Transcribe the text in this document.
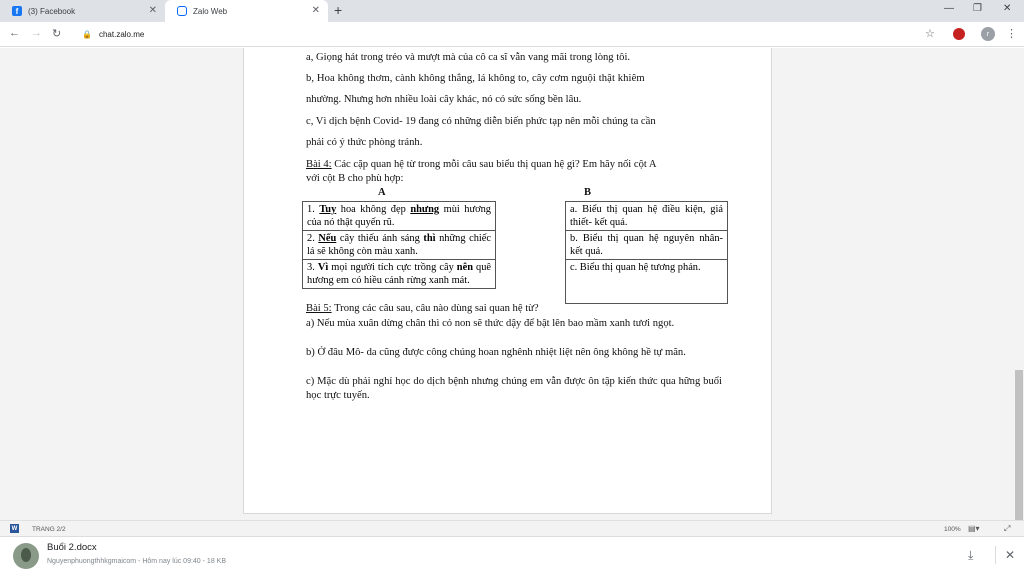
f	(3) Facebook	✕	Zalo Web	✕ +	— ❐ ✕
← → ↻	🔒 chat.zalo.me	☆	r	⋮
a, Giọng hát trong trẻo và mượt mà của cô ca sĩ vẫn vang mãi trong lòng tôi.
b, Hoa không thơm, cành không thẳng, lá không to, cây cơm nguội thật khiêm
nhường. Nhưng hơn nhiều loài cây khác, nó có sức sống bền lâu.
c, Vì dịch bệnh Covid- 19 đang có những diễn biến phức tạp nên mỗi chúng ta cần
phải có ý thức phòng tránh.
Bài 4: Các cặp quan hệ từ trong mỗi câu sau biểu thị quan hệ gì? Em hãy nối cột A
với cột B cho phù hợp:
A	B
1. Tuy hoa không đẹp nhưng mùi hương của nó thật quyến rũ.
2. Nếu cây thiếu ánh sáng thì những chiếc lá sẽ không còn màu xanh.
3. Vì mọi người tích cực trồng cây nên quê hương em có hiều cánh rừng xanh mát.
a. Biểu thị quan hệ điều kiện, giả thiết- kết quả.
b. Biểu thị quan hệ nguyên nhân- kết quả.
c. Biểu thị quan hệ tương phản.
Bài 5: Trong các câu sau, câu nào dùng sai quan hệ từ?
a) Nếu mùa xuân dừng chân thì cỏ non sẽ thức dậy để bật lên bao mầm xanh tươi ngọt.
b) Ở đâu Mô- da cũng được công chúng hoan nghênh nhiệt liệt nên ông không hề tự mãn.
c) Mặc dù phải nghỉ học do dịch bệnh nhưng chúng em vẫn được ôn tập kiến thức qua hững buổi học trực tuyến.
W TRANG 2/2	100% ▤▾	⤢
Buổi 2.docx
Nguyenphuongthhkgmaicom - Hôm nay lúc 09:40 - 18 KB	⤓	✕
